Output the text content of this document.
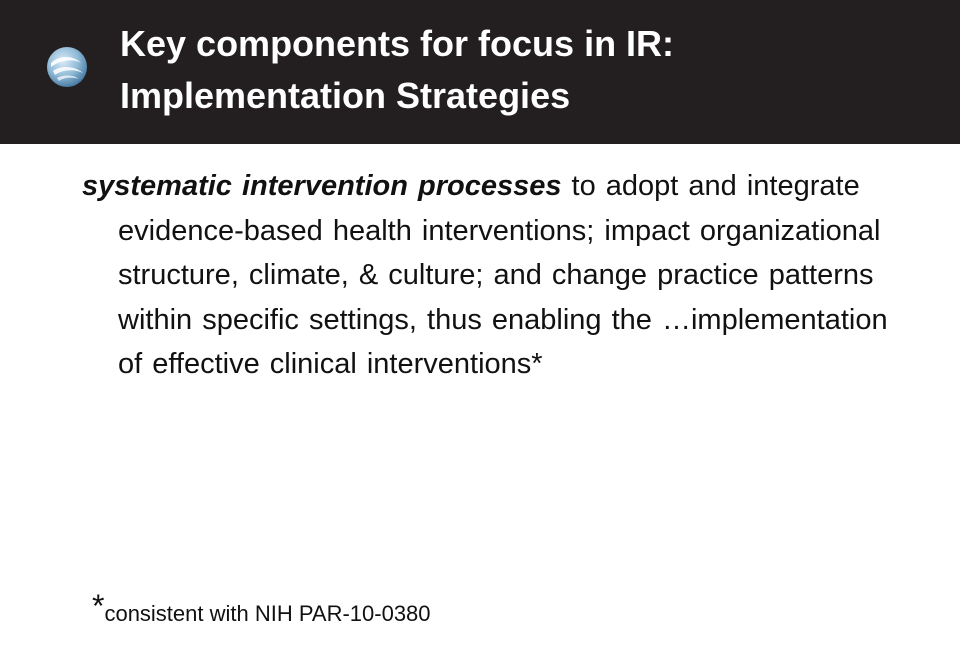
Key components for focus in IR:
Implementation Strategies

systematic intervention processes to adopt and integrate evidence-based health interventions; impact organizational structure, climate, & culture; and change practice patterns within specific settings, thus enabling the …implementation of effective clinical interventions*

*consistent with NIH PAR-10-0380
